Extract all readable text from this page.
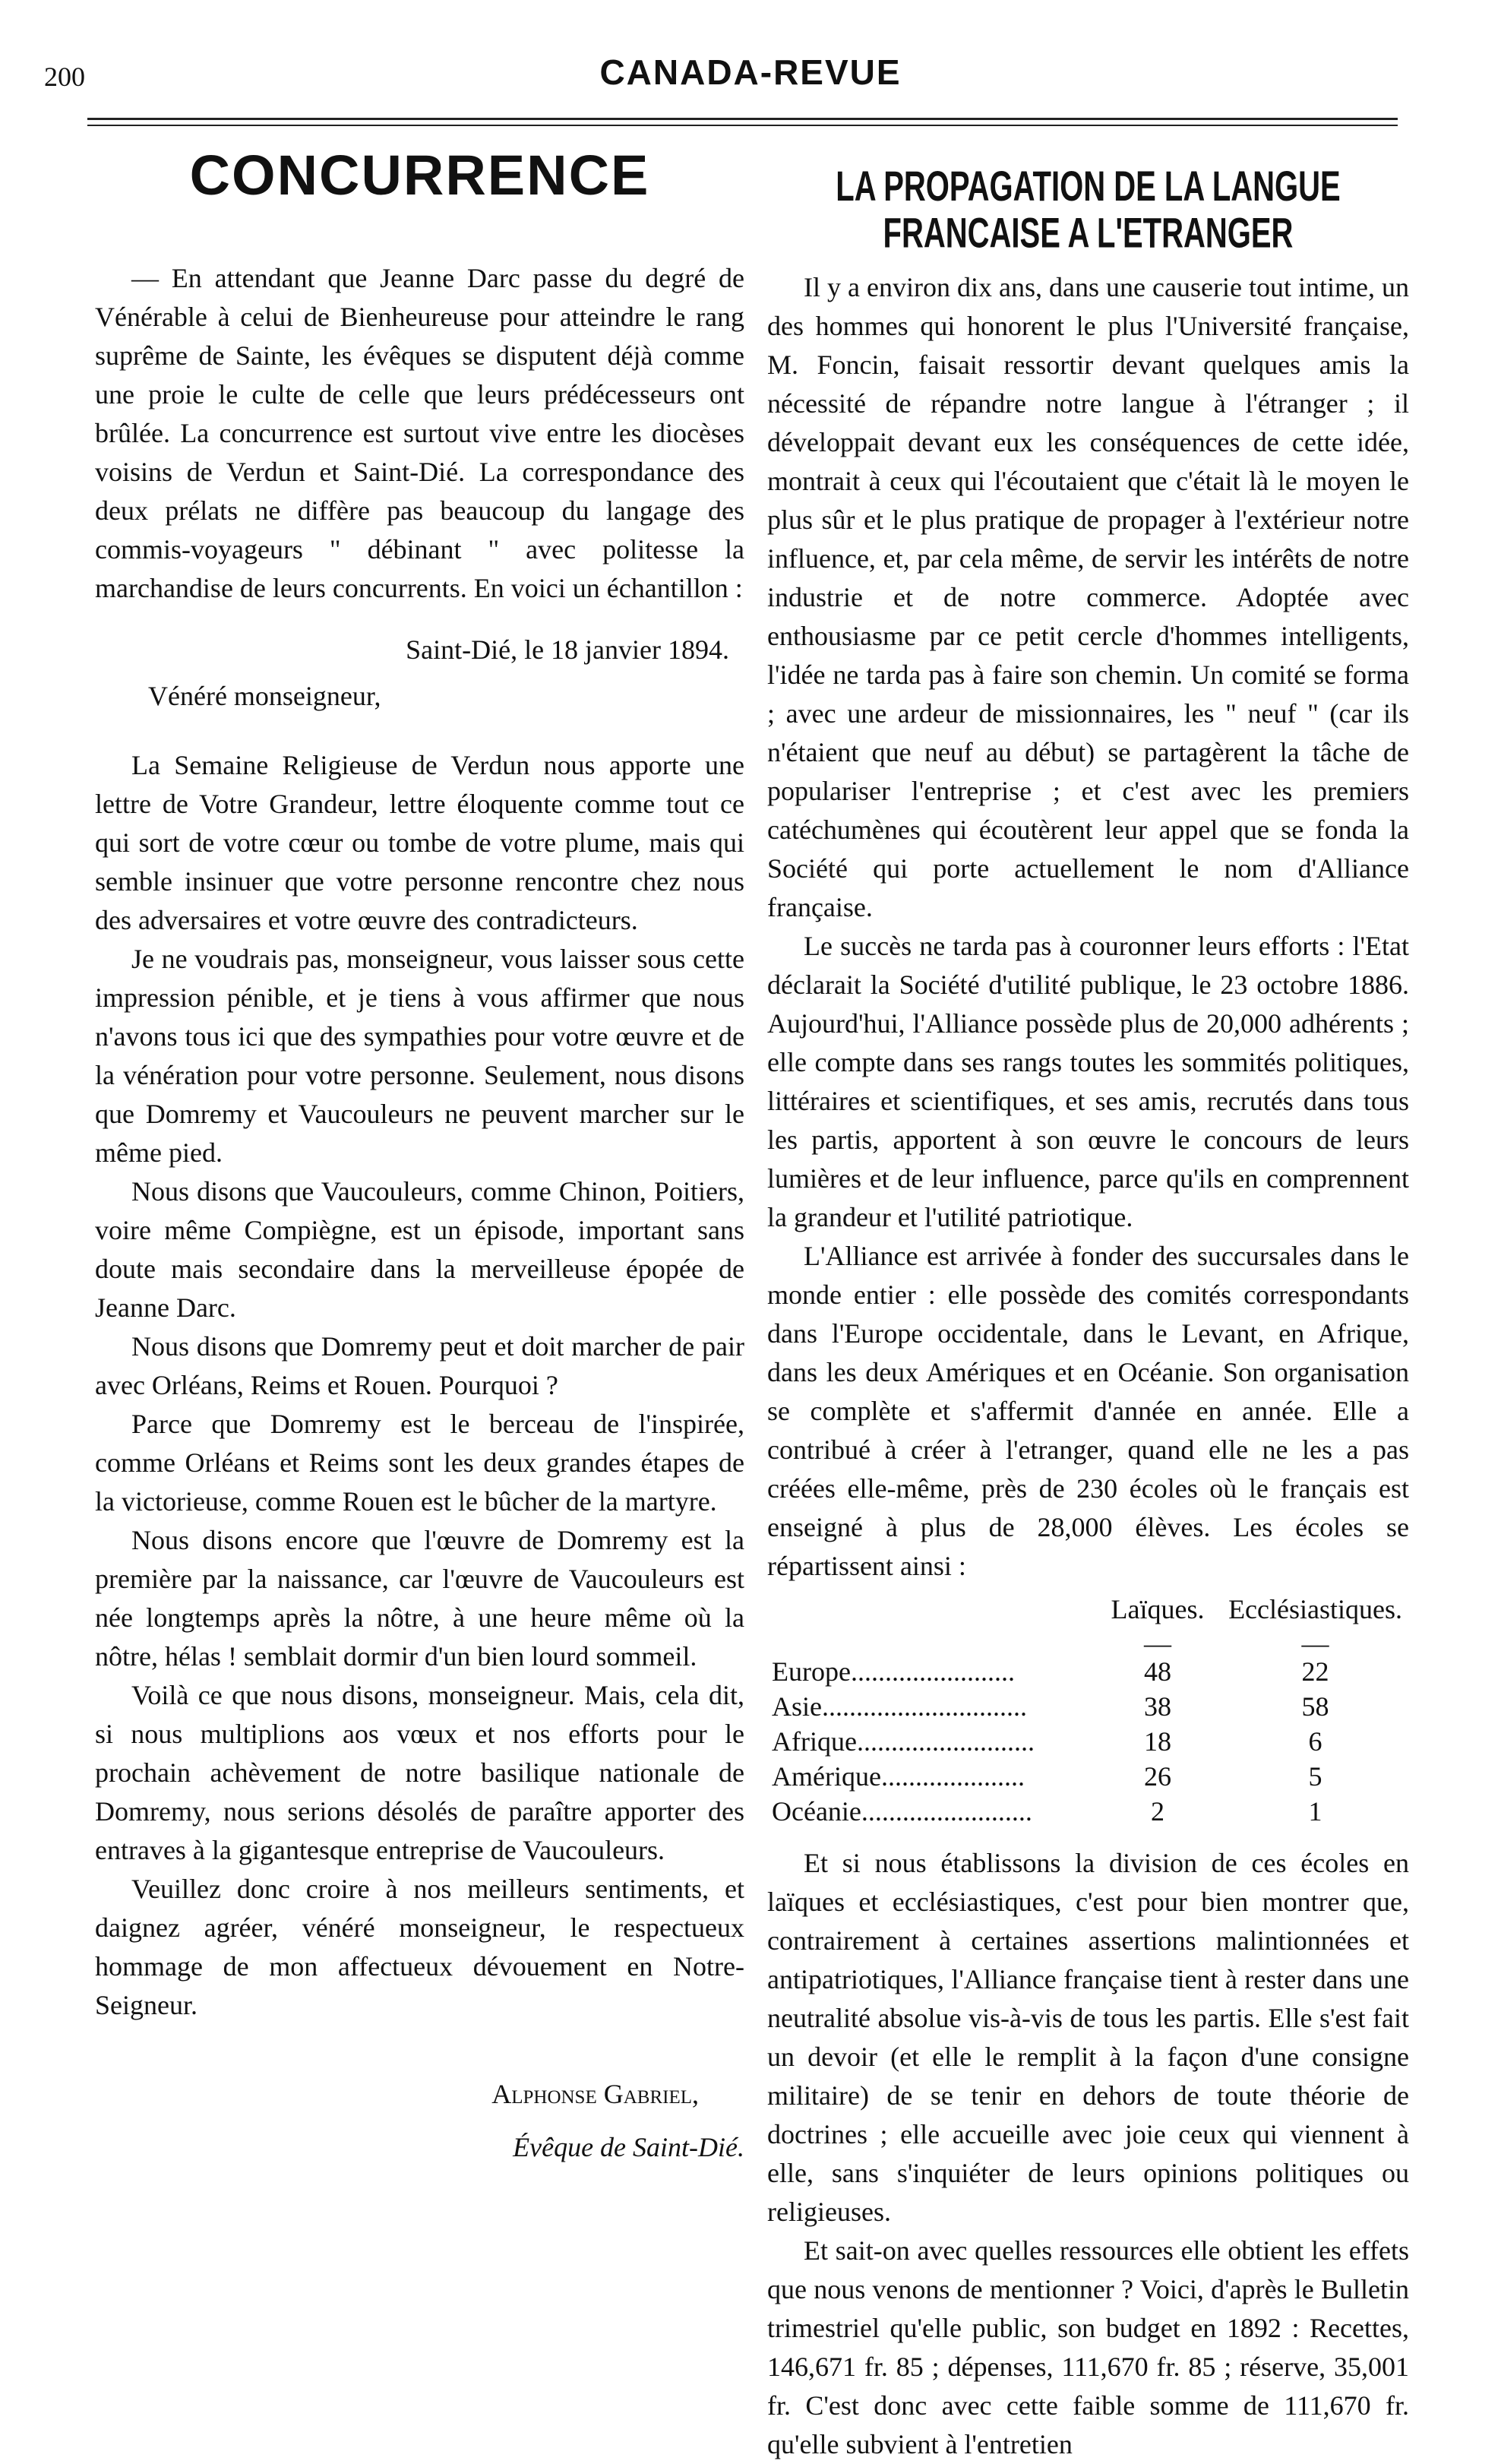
200	CANADA-REVUE
CONCURRENCE

— En attendant que Jeanne Darc passe du degré de Vénérable à celui de Bienheureuse pour atteindre le rang suprême de Sainte, les évêques se disputent déjà comme une proie le culte de celle que leurs prédécesseurs ont brûlée. La concurrence est surtout vive entre les diocèses voisins de Verdun et Saint-Dié. La correspondance des deux prélats ne diffère pas beaucoup du langage des commis-voyageurs " débinant " avec politesse la marchandise de leurs concurrents. En voici un échantillon :

Saint-Dié, le 18 janvier 1894.
Vénéré monseigneur,

La Semaine Religieuse de Verdun nous apporte une lettre de Votre Grandeur, lettre éloquente comme tout ce qui sort de votre cœur ou tombe de votre plume, mais qui semble insinuer que votre personne rencontre chez nous des adversaires et votre œuvre des contradicteurs.

Je ne voudrais pas, monseigneur, vous laisser sous cette impression pénible, et je tiens à vous affirmer que nous n'avons tous ici que des sympathies pour votre œuvre et de la vénération pour votre personne. Seulement, nous disons que Domremy et Vaucouleurs ne peuvent marcher sur le même pied.

Nous disons que Vaucouleurs, comme Chinon, Poitiers, voire même Compiègne, est un épisode, important sans doute mais secondaire dans la merveilleuse épopée de Jeanne Darc.

Nous disons que Domremy peut et doit marcher de pair avec Orléans, Reims et Rouen. Pourquoi ?

Parce que Domremy est le berceau de l'inspirée, comme Orléans et Reims sont les deux grandes étapes de la victorieuse, comme Rouen est le bûcher de la martyre.

Nous disons encore que l'œuvre de Domremy est la première par la naissance, car l'œuvre de Vaucouleurs est née longtemps après la nôtre, à une heure même où la nôtre, hélas ! semblait dormir d'un bien lourd sommeil.

Voilà ce que nous disons, monseigneur. Mais, cela dit, si nous multiplions aos vœux et nos efforts pour le prochain achèvement de notre basilique nationale de Domremy, nous serions désolés de paraître apporter des entraves à la gigantesque entreprise de Vaucouleurs.

Veuillez donc croire à nos meilleurs sentiments, et daignez agréer, vénéré monseigneur, le respectueux hommage de mon affectueux dévouement en Notre-Seigneur.

Alphonse Gabriel,
Évêque de Saint-Dié.
LA PROPAGATION DE LA LANGUE FRANCAISE A L'ETRANGER

Il y a environ dix ans, dans une causerie tout intime, un des hommes qui honorent le plus l'Université française, M. Foncin, faisait ressortir devant quelques amis la nécessité de répandre notre langue à l'étranger ; il développait devant eux les conséquences de cette idée, montrait à ceux qui l'écoutaient que c'était là le moyen le plus sûr et le plus pratique de propager à l'extérieur notre influence, et, par cela même, de servir les intérêts de notre industrie et de notre commerce. Adoptée avec enthousiasme par ce petit cercle d'hommes intelligents, l'idée ne tarda pas à faire son chemin. Un comité se forma ; avec une ardeur de missionnaires, les " neuf " (car ils n'étaient que neuf au début) se partagèrent la tâche de populariser l'entreprise ; et c'est avec les premiers catéchumènes qui écoutèrent leur appel que se fonda la Société qui porte actuellement le nom d'Alliance française.

Le succès ne tarda pas à couronner leurs efforts : l'Etat déclarait la Société d'utilité publique, le 23 octobre 1886. Aujourd'hui, l'Alliance possède plus de 20,000 adhérents ; elle compte dans ses rangs toutes les sommités politiques, littéraires et scientifiques, et ses amis, recrutés dans tous les partis, apportent à son œuvre le concours de leurs lumières et de leur influence, parce qu'ils en comprennent la grandeur et l'utilité patriotique.

L'Alliance est arrivée à fonder des succursales dans le monde entier : elle possède des comités correspondants dans l'Europe occidentale, dans le Levant, en Afrique, dans les deux Amériques et en Océanie. Son organisation se complète et s'affermit d'année en année. Elle a contribué à créer à l'etranger, quand elle ne les a pas créées elle-même, près de 230 écoles où le français est enseigné à plus de 28,000 élèves. Les écoles se répartissent ainsi :

	Laïques.	Ecclésiastiques.
	—	—
Europe........................	48	22
Asie..............................	38	58
Afrique..........................	18	6
Amérique.....................	26	5
Océanie.........................	2	1

Et si nous établissons la division de ces écoles en laïques et ecclésiastiques, c'est pour bien montrer que, contrairement à certaines assertions malintionnées et antipatriotiques, l'Alliance française tient à rester dans une neutralité absolue vis-à-vis de tous les partis. Elle s'est fait un devoir (et elle le remplit à la façon d'une consigne militaire) de se tenir en dehors de toute théorie de doctrines ; elle accueille avec joie ceux qui viennent à elle, sans s'inquiéter de leurs opinions politiques ou religieuses.

Et sait-on avec quelles ressources elle obtient les effets que nous venons de mentionner ? Voici, d'après le Bulletin trimestriel qu'elle public, son budget en 1892 : Recettes, 146,671 fr. 85 ; dépenses, 111,670 fr. 85 ; réserve, 35,001 fr. C'est donc avec cette faible somme de 111,670 fr. qu'elle subvient à l'entretien
